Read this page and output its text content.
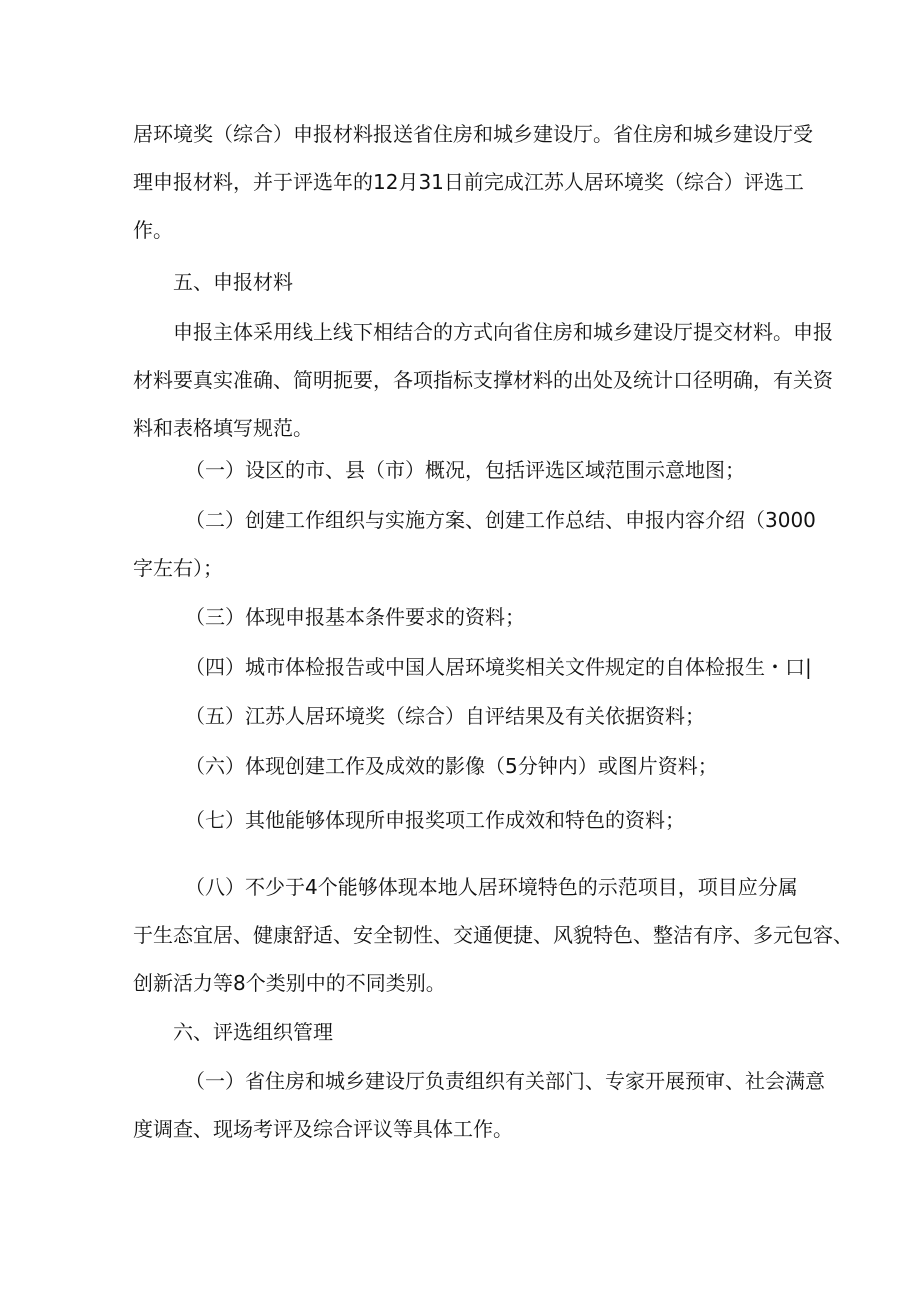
居环境奖（综合）申报材料报送省住房和城乡建设厅。省住房和城乡建设厅受
理申报材料，并于评选年的12月31日前完成江苏人居环境奖（综合）评选工
作。
五、申报材料
申报主体采用线上线下相结合的方式向省住房和城乡建设厅提交材料。申报
材料要真实准确、简明扼要，各项指标支撑材料的出处及统计口径明确，有关资
料和表格填写规范。
（一）设区的市、县（市）概况，包括评选区域范围示意地图；
（二）创建工作组织与实施方案、创建工作总结、申报内容介绍（3000
字左右）；
（三）体现申报基本条件要求的资料；
（四）城市体检报告或中国人居环境奖相关文件规定的自体检报生・口|
（五）江苏人居环境奖（综合）自评结果及有关依据资料；
（六）体现创建工作及成效的影像（5分钟内）或图片资料；
（七）其他能够体现所申报奖项工作成效和特色的资料；
（八）不少于4个能够体现本地人居环境特色的示范项目，项目应分属
于生态宜居、健康舒适、安全韧性、交通便捷、风貌特色、整洁有序、多元包容、
创新活力等8个类别中的不同类别。
六、评选组织管理
（一）省住房和城乡建设厅负责组织有关部门、专家开展预审、社会满意
度调查、现场考评及综合评议等具体工作。
